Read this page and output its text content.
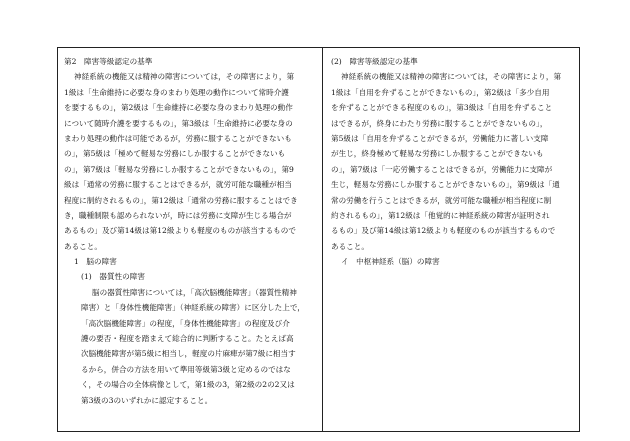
第2　障害等級認定の基準
神経系統の機能又は精神の障害については，その障害により，第
1級は「生命維持に必要な身のまわり処理の動作について常時介護
を要するもの」，第2級は「生命維持に必要な身のまわり処理の動作
について随時介護を要するもの」，第3級は「生命維持に必要な身の
まわり処理の動作は可能であるが，労務に服することができないも
の」，第5級は「極めて軽易な労務にしか服することができないも
の」，第7級は「軽易な労務にしか服することができないもの」，第9
級は「通常の労務に服することはできるが，就労可能な職種が相当
程度に制約されるもの」，第12級は「通常の労務に服することはでき
き，職種制限も認められないが，時には労務に支障が生じる場合が
あるもの」及び第14級は第12級よりも軽度のものが該当するもので
あること。
1　脳の障害
(1)　器質性の障害
脳の器質性障害については，「高次脳機能障害」（器質性精神
障害）と「身体性機能障害」（神経系統の障害）に区分した上で，
「高次脳機能障害」の程度，「身体性機能障害」の程度及び介
護の要否・程度を踏まえて総合的に判断すること。たとえば高
次脳機能障害が第5級に相当し，軽度の片麻痺が第7級に相当す
るから，併合の方法を用いて準用等級第3級と定めるのではな
く，その場合の全体病像として，第1級の3，第2級の2の2又は
第3級の3のいずれかに認定すること。
(2)　障害等級認定の基準
神経系統の機能又は精神の障害については，その障害により，第
1級は「自用を弁ずることができないもの」，第2級は「多少自用
を弁ずることができる程度のもの」，第3級は「自用を弁ずること
はできるが，終身にわたり労務に服することができないもの」，
第5級は「自用を弁ずることができるが，労働能力に著しい支障
が生じ，終身極めて軽易な労務にしか服することができないも
の」，第7級は「一応労働することはできるが，労働能力に支障が
生じ，軽易な労務にしか服することができないもの」，第9級は「通
常の労働を行うことはできるが，就労可能な職種が相当程度に制
約されるもの」，第12級は「他覚的に神経系統の障害が証明され
るもの」及び第14級は第12級よりも軽度のものが該当するもので
あること。
イ　中枢神経系（脳）の障害
